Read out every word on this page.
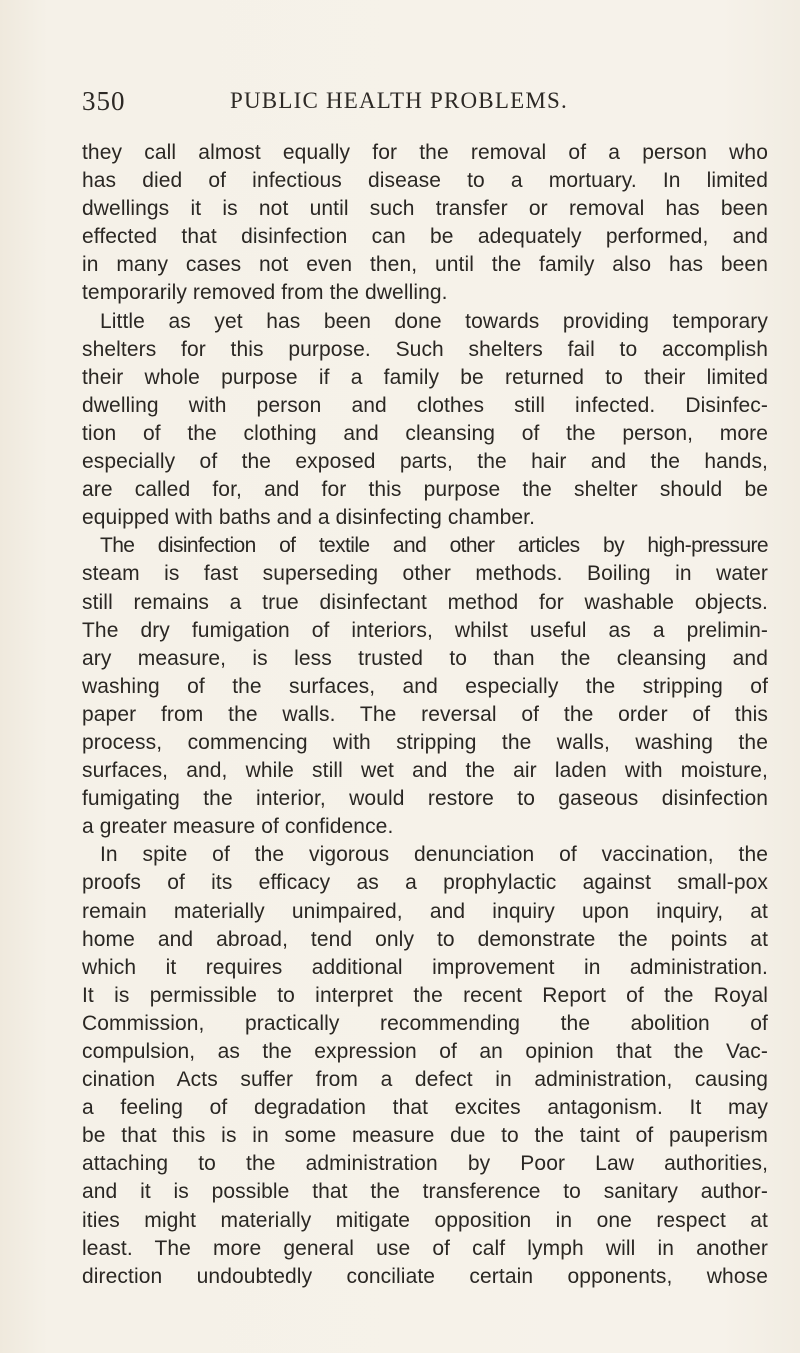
350	PUBLIC HEALTH PROBLEMS.
they call almost equally for the removal of a person who
has died of infectious disease to a mortuary. In limited
dwellings it is not until such transfer or removal has been
effected that disinfection can be adequately performed, and
in many cases not even then, until the family also has been
temporarily removed from the dwelling.
Little as yet has been done towards providing temporary
shelters for this purpose. Such shelters fail to accomplish
their whole purpose if a family be returned to their limited
dwelling with person and clothes still infected. Disinfec-
tion of the clothing and cleansing of the person, more
especially of the exposed parts, the hair and the hands,
are called for, and for this purpose the shelter should be
equipped with baths and a disinfecting chamber.
The disinfection of textile and other articles by high-pressure
steam is fast superseding other methods. Boiling in water
still remains a true disinfectant method for washable objects.
The dry fumigation of interiors, whilst useful as a prelimin-
ary measure, is less trusted to than the cleansing and
washing of the surfaces, and especially the stripping of
paper from the walls. The reversal of the order of this
process, commencing with stripping the walls, washing the
surfaces, and, while still wet and the air laden with moisture,
fumigating the interior, would restore to gaseous disinfection
a greater measure of confidence.
In spite of the vigorous denunciation of vaccination, the
proofs of its efficacy as a prophylactic against small-pox
remain materially unimpaired, and inquiry upon inquiry, at
home and abroad, tend only to demonstrate the points at
which it requires additional improvement in administration.
It is permissible to interpret the recent Report of the Royal
Commission, practically recommending the abolition of
compulsion, as the expression of an opinion that the Vac-
cination Acts suffer from a defect in administration, causing
a feeling of degradation that excites antagonism. It may
be that this is in some measure due to the taint of pauperism
attaching to the administration by Poor Law authorities,
and it is possible that the transference to sanitary author-
ities might materially mitigate opposition in one respect at
least. The more general use of calf lymph will in another
direction undoubtedly conciliate certain opponents, whose
